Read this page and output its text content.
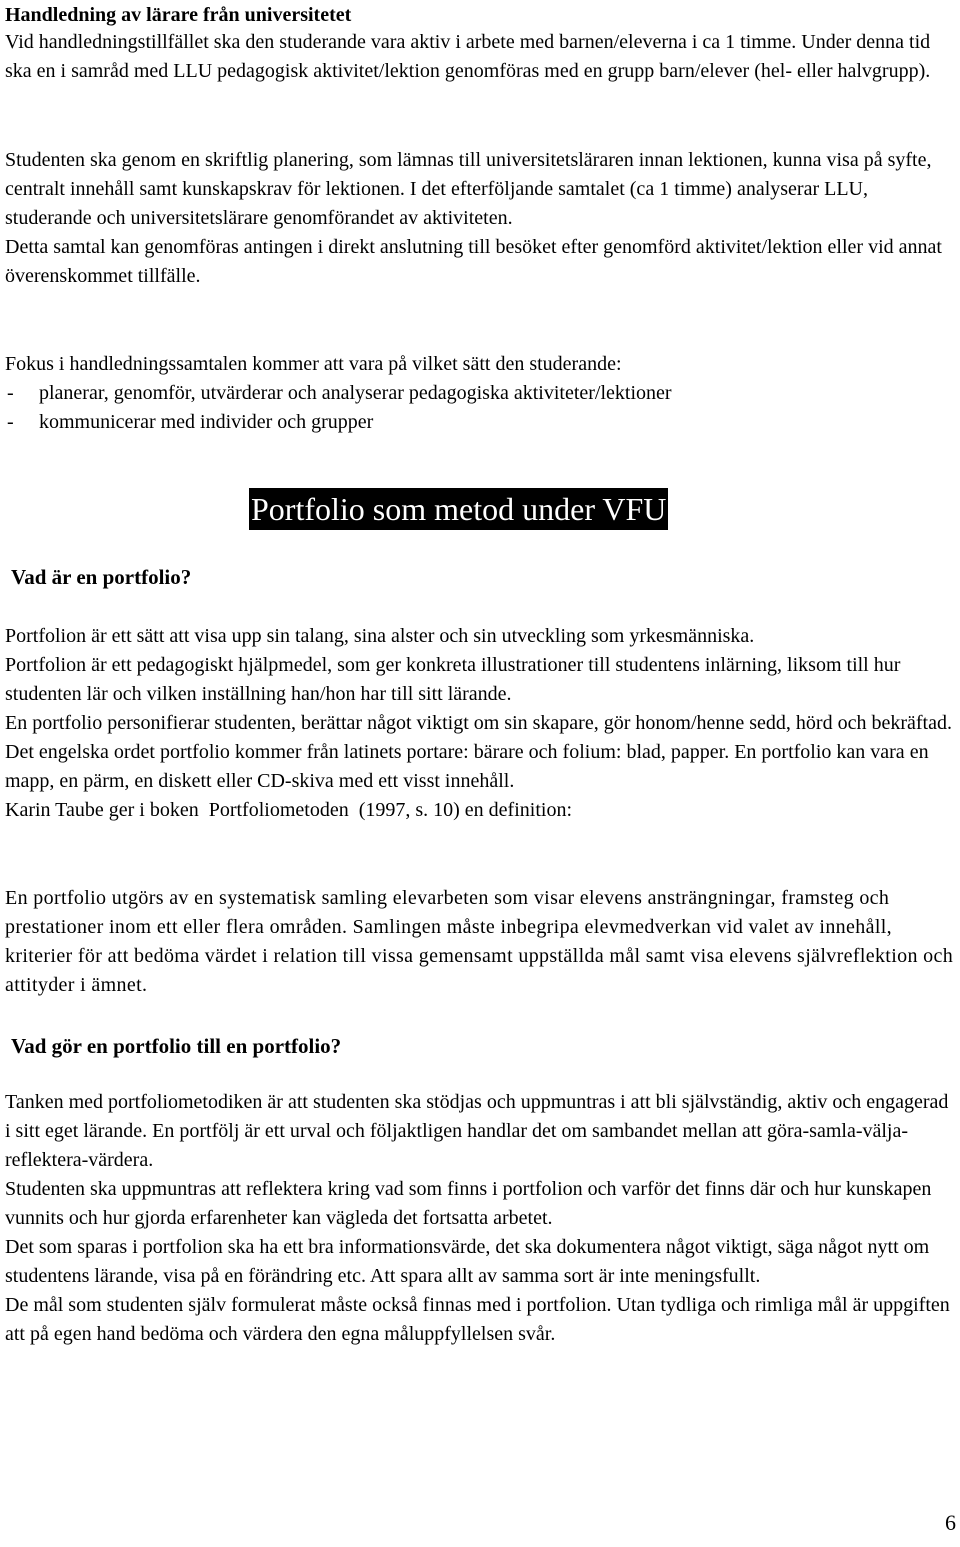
Handledning av lärare från universitetet

Vid handledningstillfället ska den studerande vara aktiv i arbete med barnen/eleverna i ca 1 timme. Under denna tid ska en i samråd med LLU pedagogisk aktivitet/lektion genomföras med en grupp barn/elever (hel- eller halvgrupp).

Studenten ska genom en skriftlig planering, som lämnas till universitetsläraren innan lektionen, kunna visa på syfte, centralt innehåll samt kunskapskrav för lektionen. I det efterföljande samtalet (ca 1 timme) analyserar LLU, studerande och universitetslärare genomförandet av aktiviteten.

Detta samtal kan genomföras antingen i direkt anslutning till besöket efter genomförd aktivitet/lektion eller vid annat överenskommet tillfälle.

Fokus i handledningssamtalen kommer att vara på vilket sätt den studerande:

-	planerar, genomför, utvärderar och analyserar pedagogiska aktiviteter/lektioner
-	kommunicerar med individer och grupper
Portfolio som metod under VFU

Vad är en portfolio?

Portfolion är ett sätt att visa upp sin talang, sina alster och sin utveckling som yrkesmänniska.

Portfolion är ett pedagogiskt hjälpmedel, som ger konkreta illustrationer till studentens inlärning, liksom till hur studenten lär och vilken inställning han/hon har till sitt lärande.

En portfolio personifierar studenten, berättar något viktigt om sin skapare, gör honom/henne sedd, hörd och bekräftad.

Det engelska ordet portfolio kommer från latinets portare: bärare och folium: blad, papper. En portfolio kan vara en mapp, en pärm, en diskett eller CD-skiva med ett visst innehåll.

Karin Taube ger i boken  Portfoliometoden  (1997, s. 10) en definition:

En portfolio utgörs av en systematisk samling elevarbeten som visar elevens ansträngningar, framsteg och prestationer inom ett eller flera områden. Samlingen måste inbegripa elevmedverkan vid valet av innehåll, kriterier för att bedöma värdet i relation till vissa gemensamt uppställda mål samt visa elevens självreflektion och attityder i ämnet.

Vad gör en portfolio till en portfolio?

Tanken med portfoliometodiken är att studenten ska stödjas och uppmuntras i att bli självständig, aktiv och engagerad i sitt eget lärande. En portfölj är ett urval och följaktligen handlar det om sambandet mellan att göra-samla-välja-reflektera-värdera.

Studenten ska uppmuntras att reflektera kring vad som finns i portfolion och varför det finns där och hur kunskapen vunnits och hur gjorda erfarenheter kan vägleda det fortsatta arbetet.

Det som sparas i portfolion ska ha ett bra informationsvärde, det ska dokumentera något viktigt, säga något nytt om studentens lärande, visa på en förändring etc. Att spara allt av samma sort är inte meningsfullt.

De mål som studenten själv formulerat måste också finnas med i portfolion. Utan tydliga och rimliga mål är uppgiften att på egen hand bedöma och värdera den egna måluppfyllelsen svår.

6
